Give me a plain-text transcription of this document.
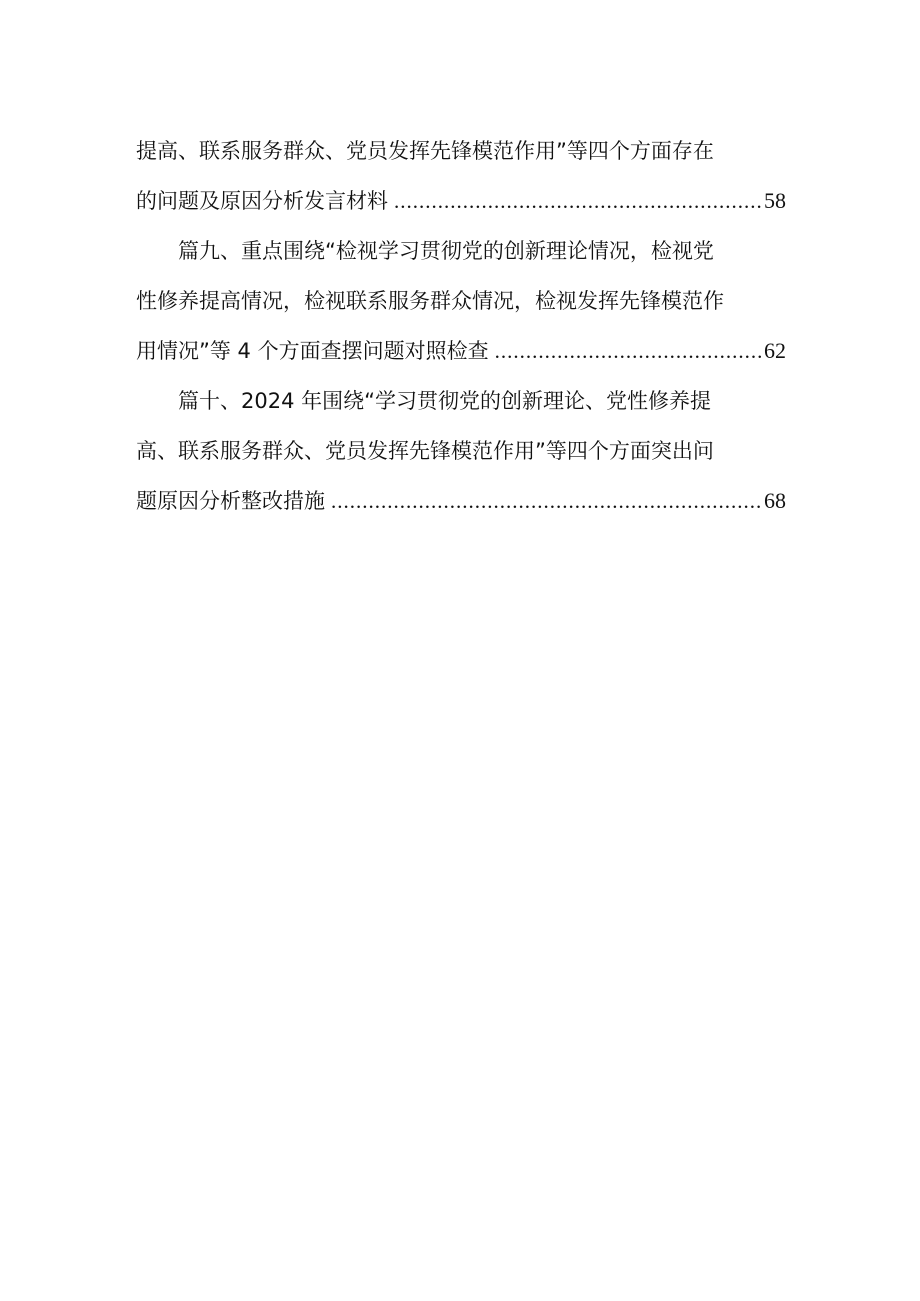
提高、联系服务群众、党员发挥先锋模范作用”等四个方面存在
的问题及原因分析发言材料 .....	58
篇九、重点围绕“检视学习贯彻党的创新理论情况，检视党
性修养提高情况，检视联系服务群众情况，检视发挥先锋模范作
用情况”等 4 个方面查摆问题对照检查 .....	62
篇十、2024 年围绕“学习贯彻党的创新理论、党性修养提
高、联系服务群众、党员发挥先锋模范作用”等四个方面突出问
题原因分析整改措施 .....	68
